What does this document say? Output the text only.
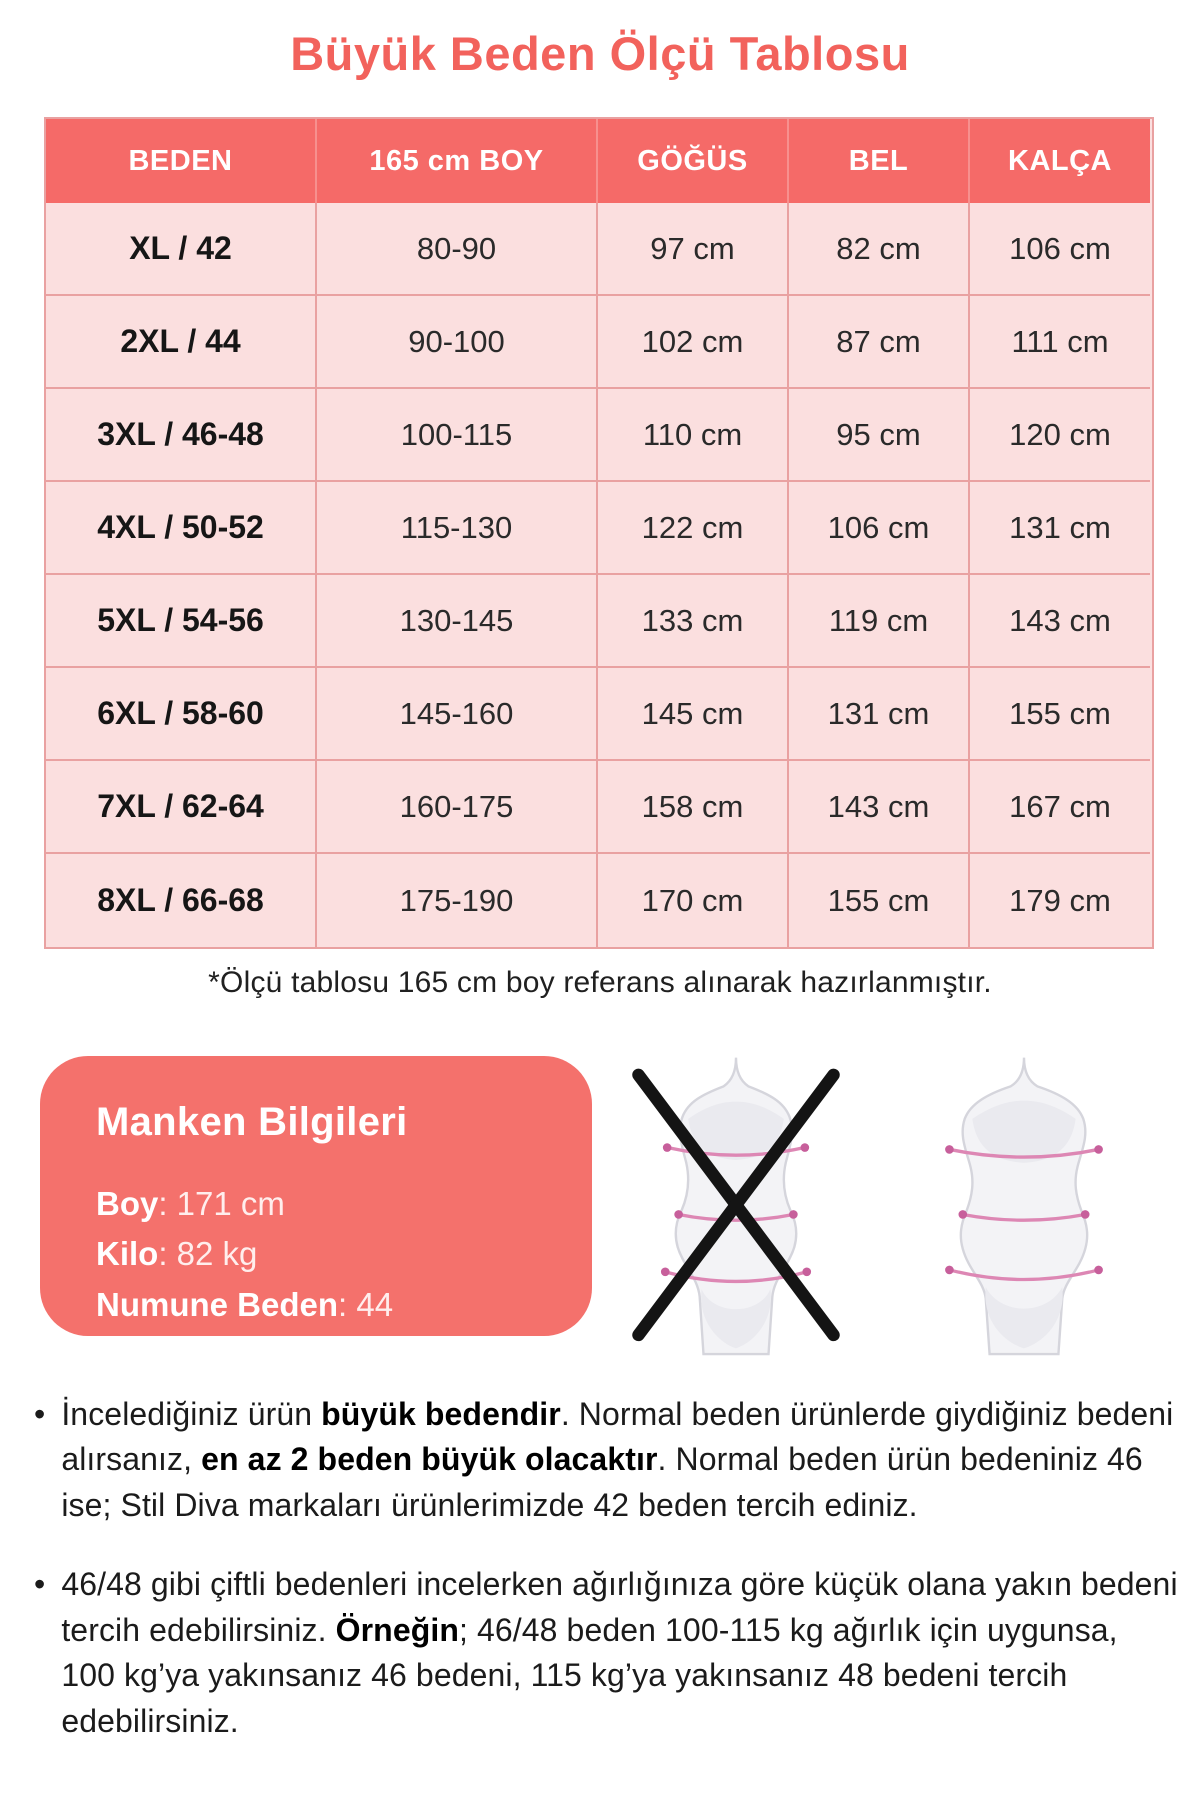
Büyük Beden Ölçü Tablosu
BEDEN	165 cm BOY	GÖĞÜS	BEL	KALÇA
XL / 42	80-90	97 cm	82 cm	106 cm
2XL / 44	90-100	102 cm	87 cm	111 cm
3XL / 46-48	100-115	110 cm	95 cm	120 cm
4XL / 50-52	115-130	122 cm	106 cm	131 cm
5XL / 54-56	130-145	133 cm	119 cm	143 cm
6XL / 58-60	145-160	145 cm	131 cm	155 cm
7XL / 62-64	160-175	158 cm	143 cm	167 cm
8XL / 66-68	175-190	170 cm	155 cm	179 cm
*Ölçü tablosu 165 cm boy referans alınarak hazırlanmıştır.
Manken Bilgileri
Boy: 171 cm
Kilo: 82 kg
Numune Beden: 44
• İncelediğiniz ürün büyük bedendir. Normal beden ürünlerde giydiğiniz bedeni alırsanız, en az 2 beden büyük olacaktır. Normal beden ürün bedeniniz 46 ise; Stil Diva markaları ürünlerimizde 42 beden tercih ediniz.

• 46/48 gibi çiftli bedenleri incelerken ağırlığınıza göre küçük olana yakın bedeni tercih edebilirsiniz. Örneğin; 46/48 beden 100-115 kg ağırlık için uygunsa, 100 kg’ya yakınsanız 46 bedeni, 115 kg’ya yakınsanız 48 bedeni tercih edebilirsiniz.
